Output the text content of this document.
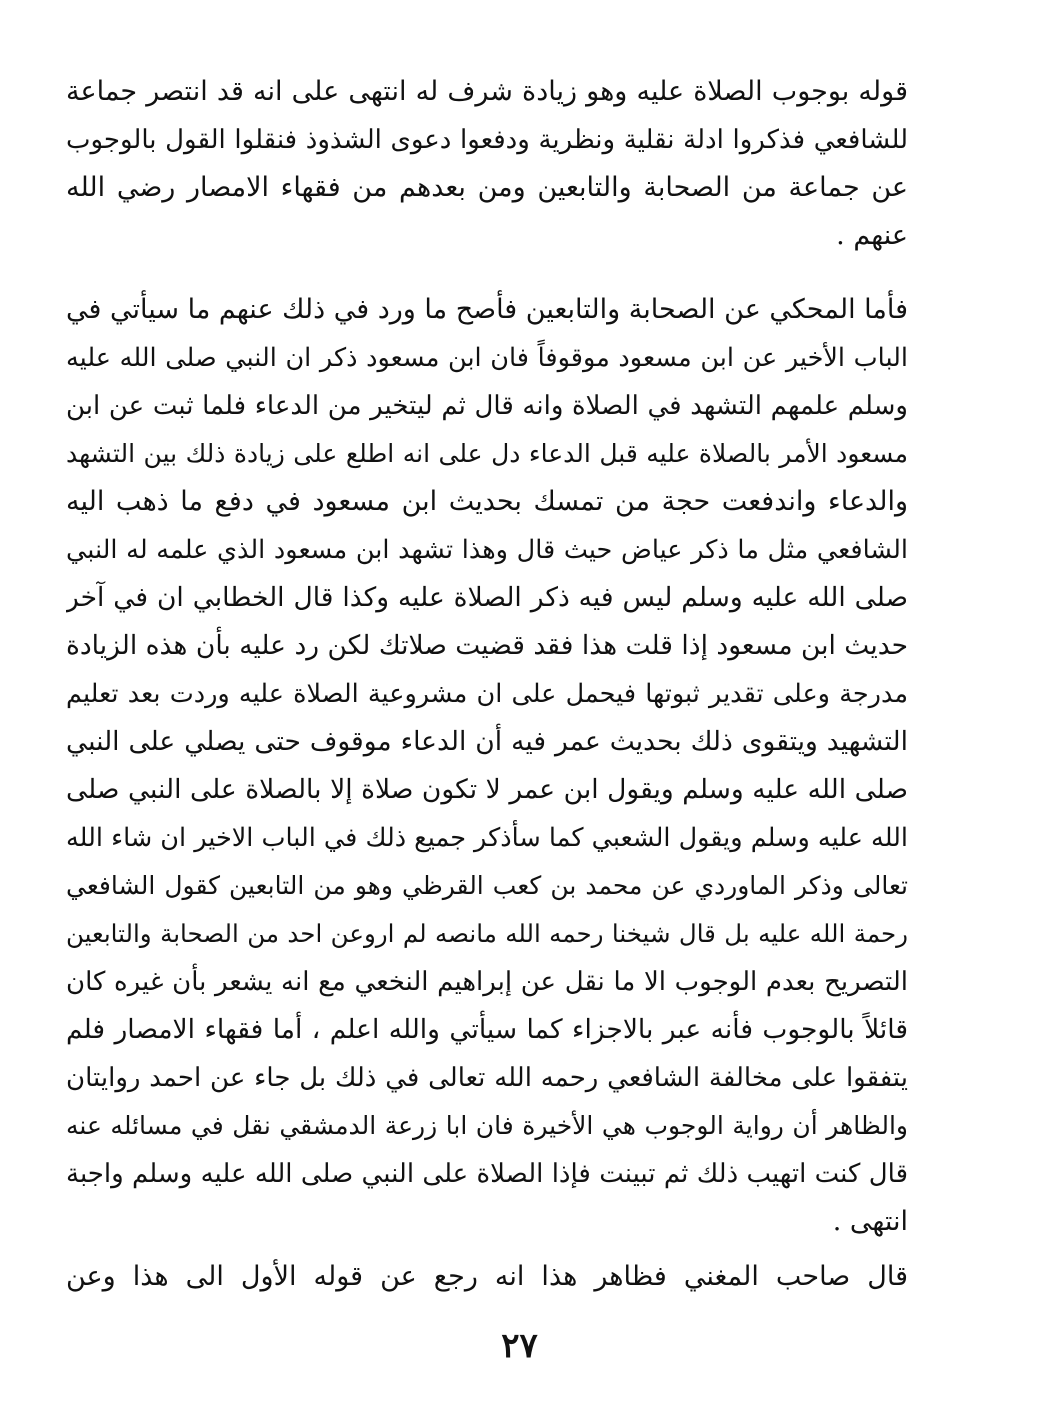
قوله بوجوب الصلاة عليه وهو زيادة شرف له انتهى على انه قد انتصر جماعة
للشافعي فذكروا ادلة نقلية ونظرية ودفعوا دعوى الشذوذ فنقلوا القول بالوجوب
عن جماعة من الصحابة والتابعين ومن بعدهم من فقهاء الامصار رضي الله
عنهم .
فأما المحكي عن الصحابة والتابعين فأصح ما ورد في ذلك عنهم ما سيأتي في
الباب الأخير عن ابن مسعود موقوفاً فان ابن مسعود ذكر ان النبي صلى الله عليه
وسلم علمهم التشهد في الصلاة وانه قال ثم ليتخير من الدعاء فلما ثبت عن ابن
مسعود الأمر بالصلاة عليه قبل الدعاء دل على انه اطلع على زيادة ذلك بين التشهد
والدعاء واندفعت حجة من تمسك بحديث ابن مسعود في دفع ما ذهب اليه
الشافعي مثل ما ذكر عياض حيث قال وهذا تشهد ابن مسعود الذي علمه له النبي
صلى الله عليه وسلم ليس فيه ذكر الصلاة عليه وكذا قال الخطابي ان في آخر
حديث ابن مسعود إذا قلت هذا فقد قضيت صلاتك لكن رد عليه بأن هذه الزيادة
مدرجة وعلى تقدير ثبوتها فيحمل على ان مشروعية الصلاة عليه وردت بعد تعليم
التشهيد ويتقوى ذلك بحديث عمر فيه أن الدعاء موقوف حتى يصلي على النبي
صلى الله عليه وسلم ويقول ابن عمر لا تكون صلاة إلا بالصلاة على النبي صلى
الله عليه وسلم ويقول الشعبي كما سأذكر جميع ذلك في الباب الاخير ان شاء الله
تعالى وذكر الماوردي عن محمد بن كعب القرظي وهو من التابعين كقول الشافعي
رحمة الله عليه بل قال شيخنا رحمه الله مانصه لم اروعن احد من الصحابة والتابعين
التصريح بعدم الوجوب الا ما نقل عن إبراهيم النخعي مع انه يشعر بأن غيره كان
قائلاً بالوجوب فأنه عبر بالاجزاء كما سيأتي والله اعلم ، أما فقهاء الامصار فلم
يتفقوا على مخالفة الشافعي رحمه الله تعالى في ذلك بل جاء عن احمد روايتان
والظاهر أن رواية الوجوب هي الأخيرة فان ابا زرعة الدمشقي نقل في مسائله عنه
قال كنت اتهيب ذلك ثم تبينت فإذا الصلاة على النبي صلى الله عليه وسلم واجبة
انتهى .
قال صاحب المغني فظاهر هذا انه رجع عن قوله الأول الى هذا وعن
٢٧
